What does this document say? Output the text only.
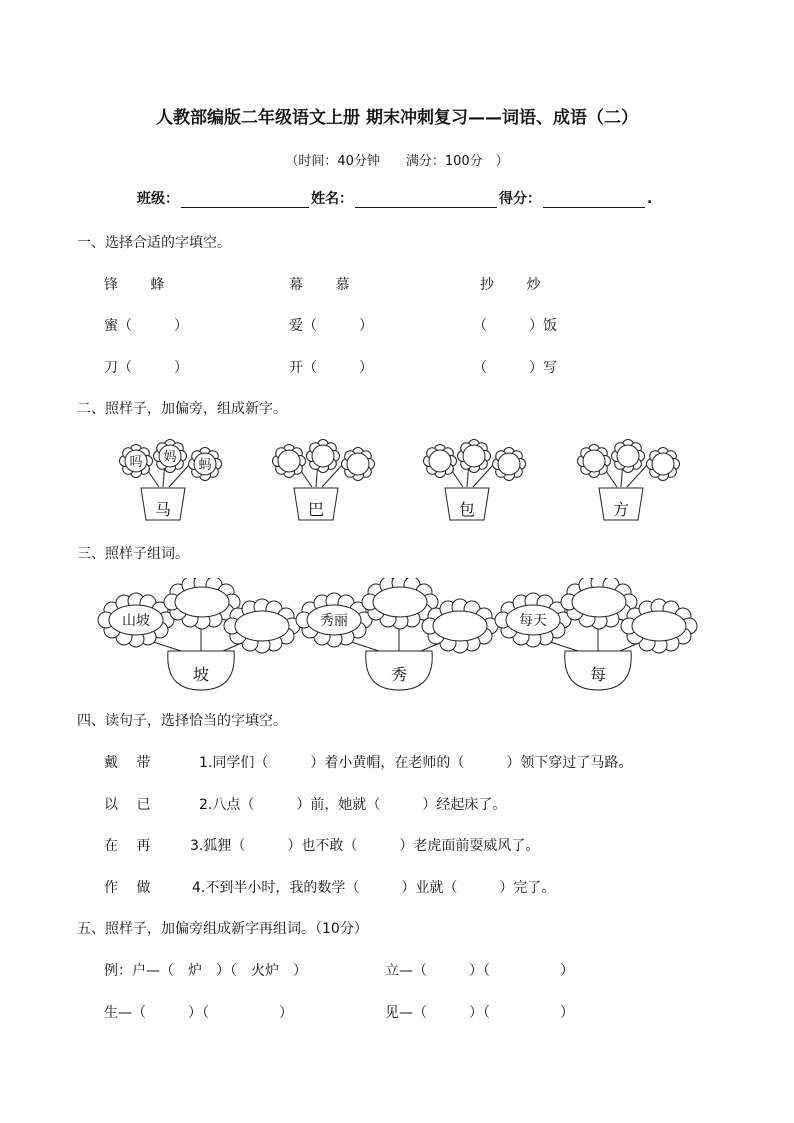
人教部编版二年级语文上册 期末冲刺复习——词语、成语（二）
（时间：40分钟　　满分：100分　）
班级：	姓名：	得分：	.
一、选择合适的字填空。
锋　　 蜂	幕　　 慕	抄　　 炒
蜜（　　　）	爱（　　　）	（　　　）饭
刀（　　　）	开（　　　）	（　　　）写
二、照样子，加偏旁，组成新字。
吗 妈
蚂
马	巴	包	方
三、照样子组词。
山坡	秀丽	每天
坡	秀	每
四、读句子，选择恰当的字填空。
戴　 带	1.同学们（　　　）着小黄帽，在老师的（　　　）领下穿过了马路。
以　 已	2.八点（　　　）前，她就（　　　）经起床了。
在　 再	3.狐狸（　　　）也不敢（　　　）老虎面前耍威风了。
作　 做	4.不到半小时，我的数学（　　　）业就（　　　）完了。
五、照样子，加偏旁组成新字再组词。（10分）
例：户—（　炉　）（　火炉　）	立—（　　　）（　　　　　）
生—（　　　）（　　　　　）	见—（　　　）（　　　　　）
